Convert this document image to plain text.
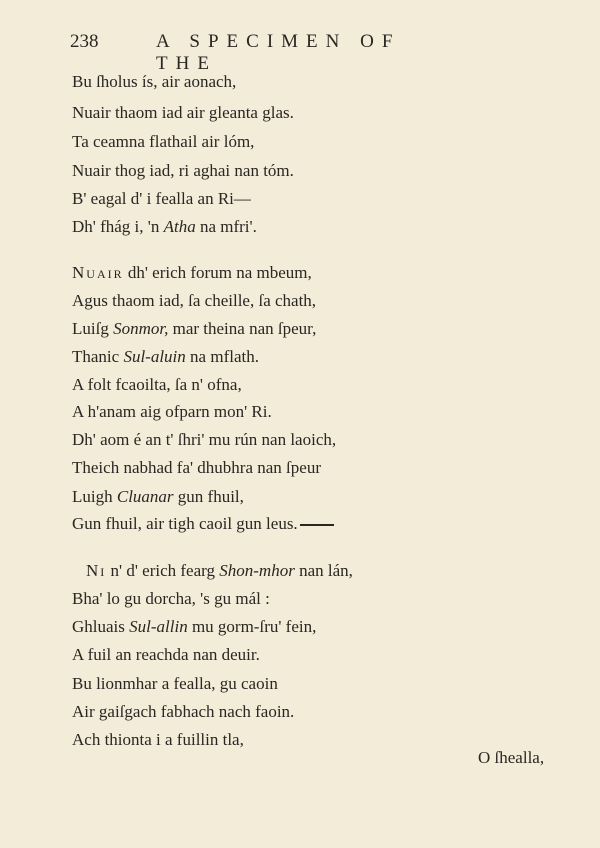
238	A SPECIMEN OF THE
Bu ſholus ís, air aonach,
Nuair thaom iad air gleanta glas.
Ta ceamna flathail air lóm,
Nuair thog iad, ri aghai nan tóm.
B' eagal d' i fealla an Ri—
Dh' fhág i, 'n Atha na mfri'.
Nuair dh' erich forum na mbeum,
Agus thaom iad, ſa cheille, ſa chath,
Luiſg Sonmor, mar theina nan ſpeur,
Thanic Sul-aluin na mflath.
A folt fcaoilta, ſa n' ofna,
A h'anam aig ofparn mon' Ri.
Dh' aom é an t' ſhri' mu rún nan laoich,
Theich nabhad fa' dhubhra nan ſpeur
Luigh Cluanar gun fhuil,
Gun fhuil, air tigh caoil gun leus.
Ni n' d' erich fearg Shon-mhor nan lán,
Bha' lo gu dorcha, 's gu mál :
Ghluais Sul-allin mu gorm-ſru' fein,
A fuil an reachda nan deuir.
Bu lionmhar a fealla, gu caoin
Air gaiſgach fabhach nach faoin.
Ach thionta i a fuillin tla,
O ſhealla,
